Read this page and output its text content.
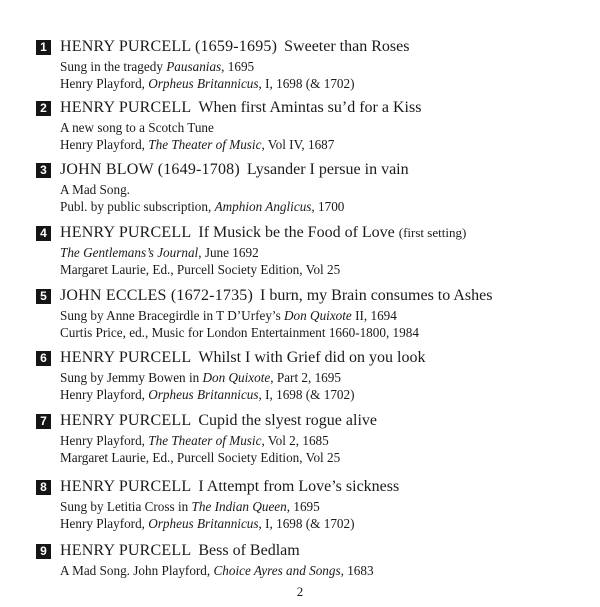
1 HENRY PURCELL (1659-1695) Sweeter than Roses
Sung in the tragedy Pausanias, 1695
Henry Playford, Orpheus Britannicus, I, 1698 (& 1702)
2 HENRY PURCELL When first Amintas su’d for a Kiss
A new song to a Scotch Tune
Henry Playford, The Theater of Music, Vol IV, 1687
3 JOHN BLOW (1649-1708) Lysander I persue in vain
A Mad Song.
Publ. by public subscription, Amphion Anglicus, 1700
4 HENRY PURCELL If Musick be the Food of Love (first setting)
The Gentlemans’s Journal, June 1692
Margaret Laurie, Ed., Purcell Society Edition, Vol 25
5 JOHN ECCLES (1672-1735) I burn, my Brain consumes to Ashes
Sung by Anne Bracegirdle in T D’Urfey’s Don Quixote II, 1694
Curtis Price, ed., Music for London Entertainment 1660-1800, 1984
6 HENRY PURCELL Whilst I with Grief did on you look
Sung by Jemmy Bowen in Don Quixote, Part 2, 1695
Henry Playford, Orpheus Britannicus, I, 1698 (& 1702)
7 HENRY PURCELL Cupid the slyest rogue alive
Henry Playford, The Theater of Music, Vol 2, 1685
Margaret Laurie, Ed., Purcell Society Edition, Vol 25
8 HENRY PURCELL I Attempt from Love’s sickness
Sung by Letitia Cross in The Indian Queen, 1695
Henry Playford, Orpheus Britannicus, I, 1698 (& 1702)
9 HENRY PURCELL Bess of Bedlam
A Mad Song. John Playford, Choice Ayres and Songs, 1683
2
